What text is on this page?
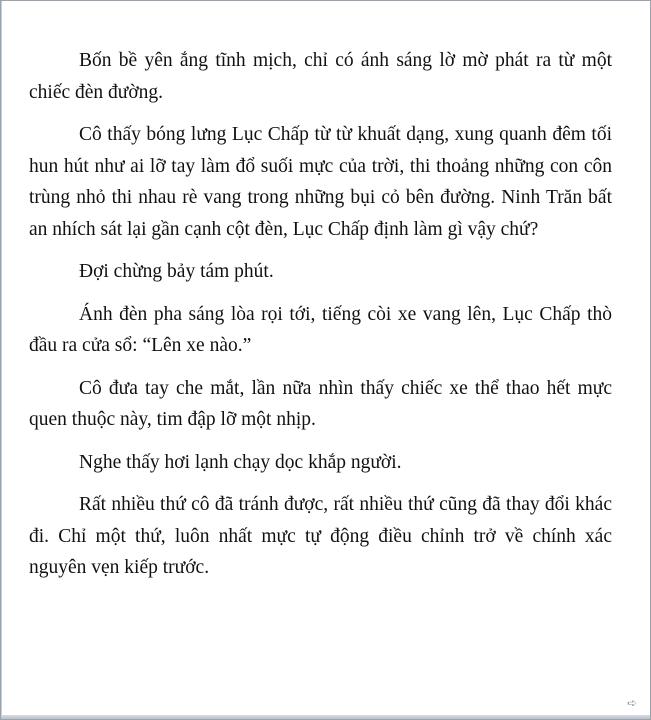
Bốn bề yên ắng tĩnh mịch, chỉ có ánh sáng lờ mờ phát ra từ một chiếc đèn đường.

Cô thấy bóng lưng Lục Chấp từ từ khuất dạng, xung quanh đêm tối hun hút như ai lỡ tay làm đổ suối mực của trời, thi thoảng những con côn trùng nhỏ thi nhau rè vang trong những bụi cỏ bên đường. Ninh Trăn bất an nhích sát lại gần cạnh cột đèn, Lục Chấp định làm gì vậy chứ?

Đợi chừng bảy tám phút.

Ánh đèn pha sáng lòa rọi tới, tiếng còi xe vang lên, Lục Chấp thò đầu ra cửa sổ: “Lên xe nào.”

Cô đưa tay che mắt, lần nữa nhìn thấy chiếc xe thể thao hết mực quen thuộc này, tim đập lỡ một nhịp.

Nghe thấy hơi lạnh chạy dọc khắp người.

Rất nhiều thứ cô đã tránh được, rất nhiều thứ cũng đã thay đổi khác đi. Chỉ một thứ, luôn nhất mực tự động điều chỉnh trở về chính xác nguyên vẹn kiếp trước.

➪
